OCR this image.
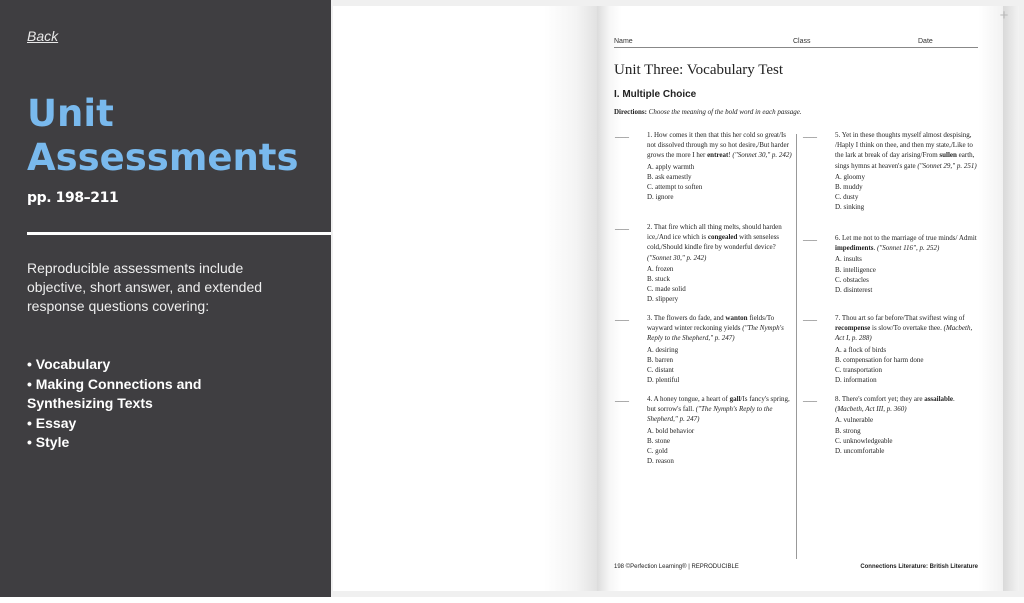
Back
Unit
Assessments
pp. 198–211

Reproducible assessments include objective, short answer, and extended response questions covering:

• Vocabulary
• Making Connections and Synthesizing Texts
• Essay
• Style
Name	Class	Date
Unit Three: Vocabulary Test
I. Multiple Choice
Directions: Choose the meaning of the bold word in each passage.
____	1. How comes it then that this her cold so great/Is not dissolved through my so hot desire,/But harder grows the more I her entreat! ("Sonnet 30," p. 242)
A. apply warmth
B. ask earnestly
C. attempt to soften
D. ignore
____	2. That fire which all thing melts, should harden ice,/And ice which is congealed with senseless cold,/Should kindle fire by wonderful device? ("Sonnet 30," p. 242)
A. frozen
B. stuck
C. made solid
D. slippery
____	3. The flowers do fade, and wanton fields/To wayward winter reckoning yields ("The Nymph's Reply to the Shepherd," p. 247)
A. desiring
B. barren
C. distant
D. plentiful
____	4. A honey tongue, a heart of gall/Is fancy's spring, but sorrow's fall. ("The Nymph's Reply to the Shepherd," p. 247)
A. bold behavior
B. stone
C. gold
D. reason
____	5. Yet in these thoughts myself almost despising, /Haply I think on thee, and then my state,/Like to the lark at break of day arising/From sullen earth, sings hymns at heaven's gate ("Sonnet 29," p. 251)
A. gloomy
B. muddy
C. dusty
D. sinking
____	6. Let me not to the marriage of true minds/ Admit impediments. ("Sonnet 116", p. 252)
A. insults
B. intelligence
C. obstacles
D. disinterest
____	7. Thou art so far before/That swiftest wing of recompense is slow/To overtake thee. (Macbeth, Act I, p. 288)
A. a flock of birds
B. compensation for harm done
C. transportation
D. information
____	8. There's comfort yet; they are assailable. (Macbeth, Act III, p. 360)
A. vulnerable
B. strong
C. unknowledgeable
D. uncomfortable
198 ©Perfection Learning® | REPRODUCIBLE	Connections Literature: British Literature
+
